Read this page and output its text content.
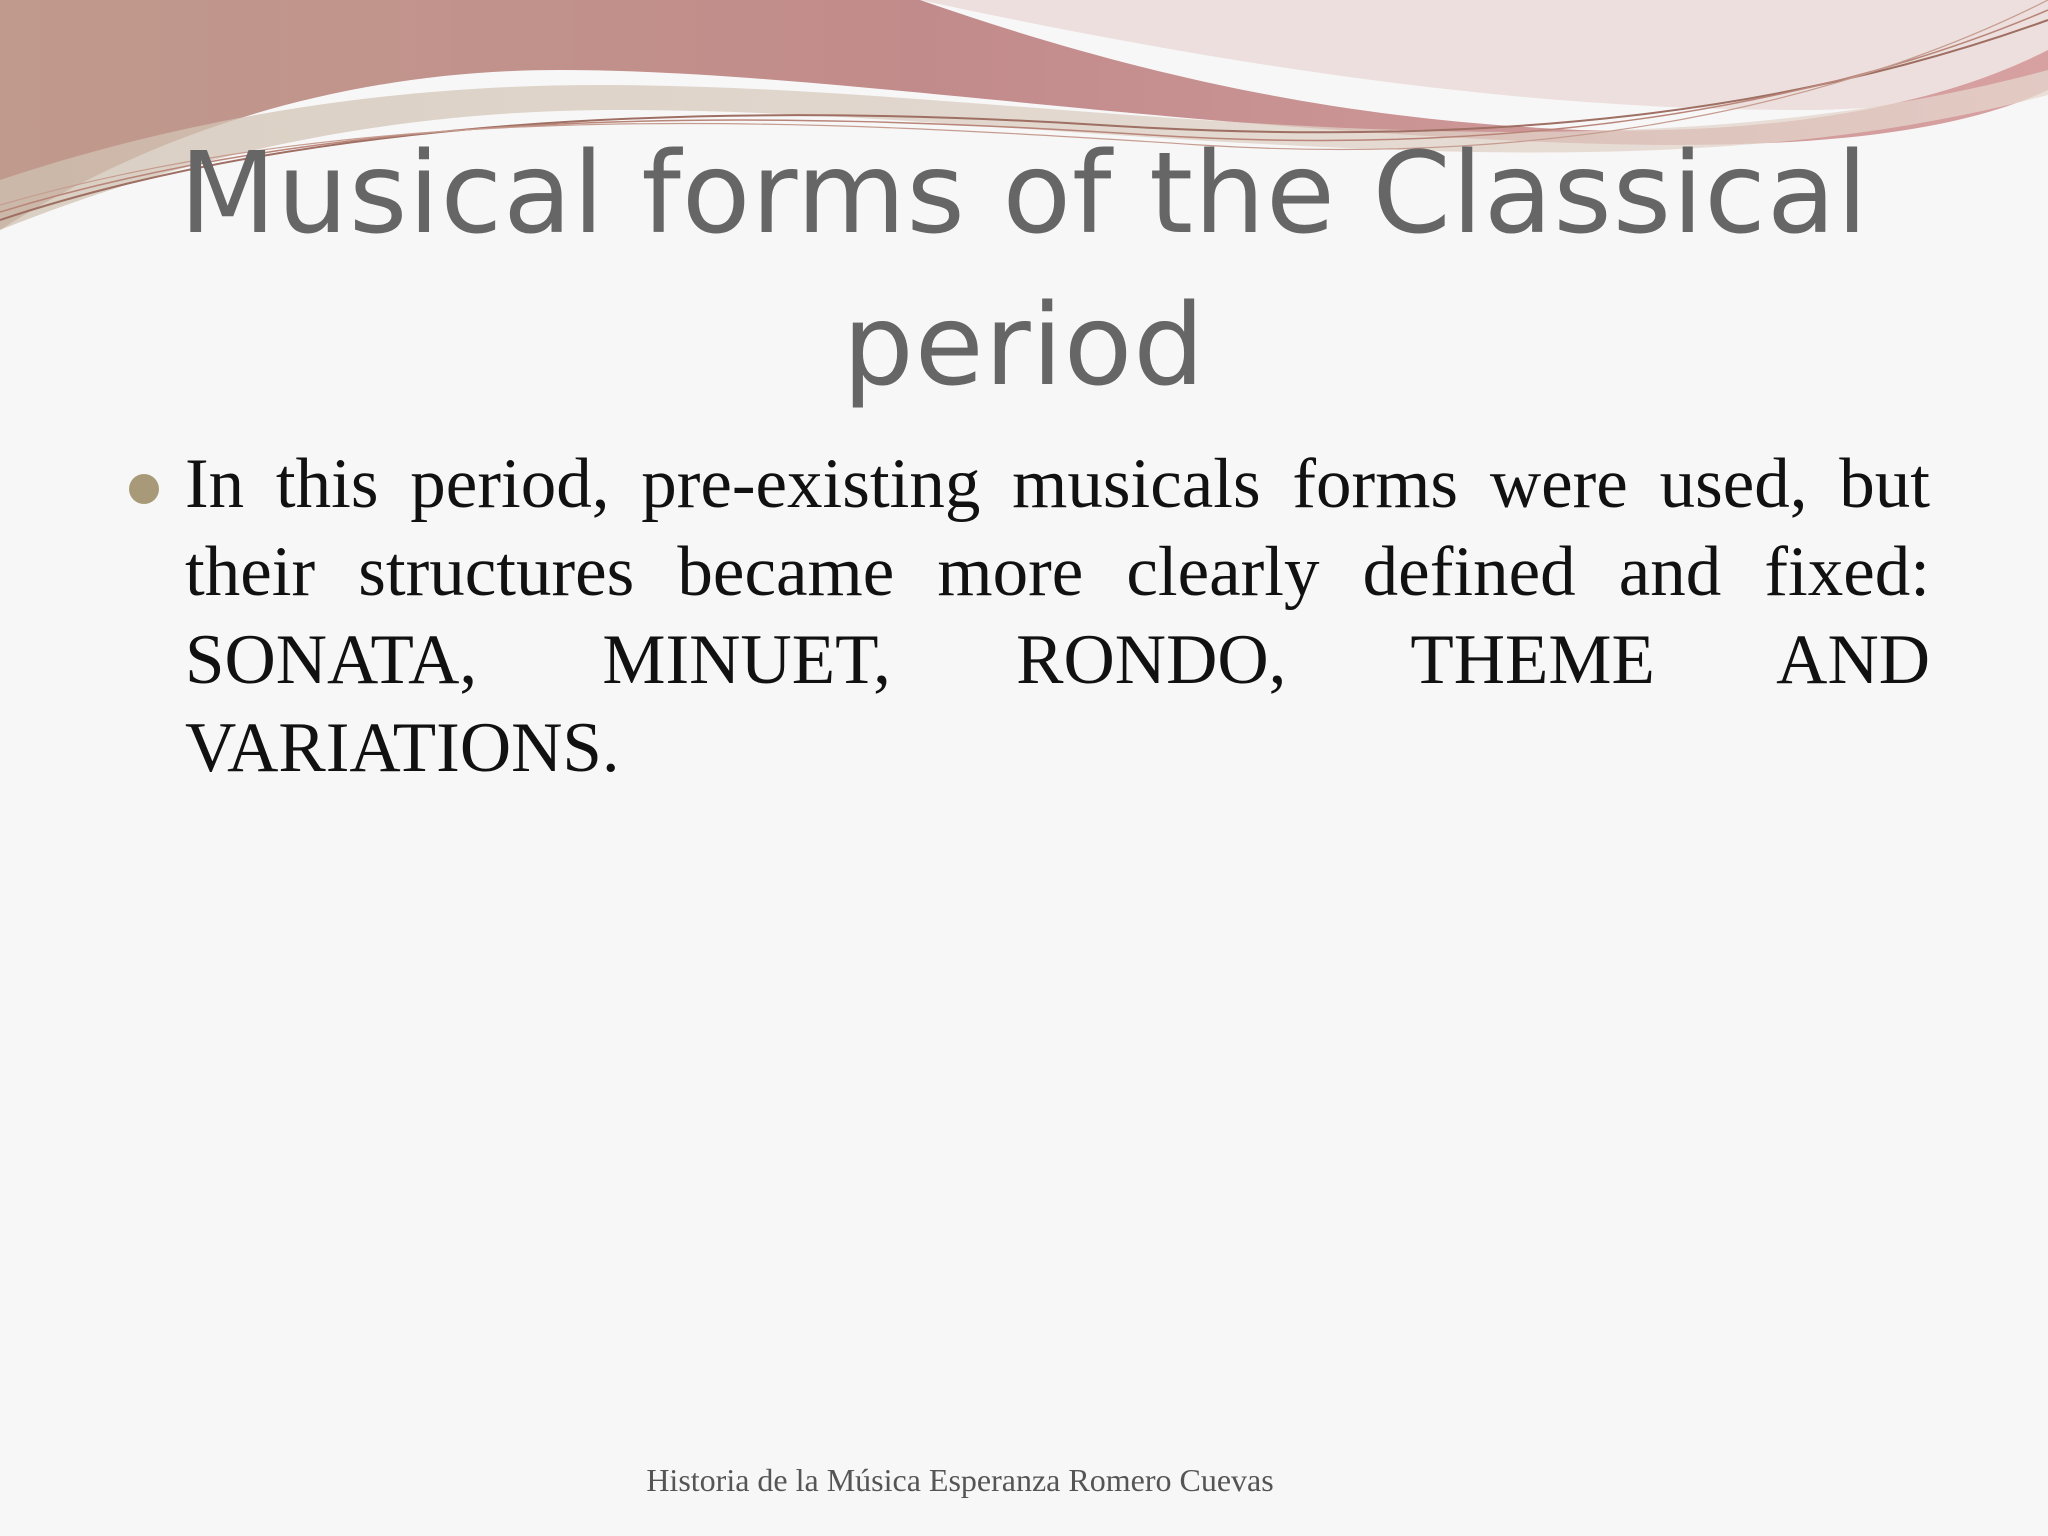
Musical forms of the Classical period

In this period, pre-existing musicals forms were used, but their structures became more clearly defined and fixed: SONATA, MINUET, RONDO, THEME AND VARIATIONS.

Historia de la Música Esperanza Romero Cuevas
